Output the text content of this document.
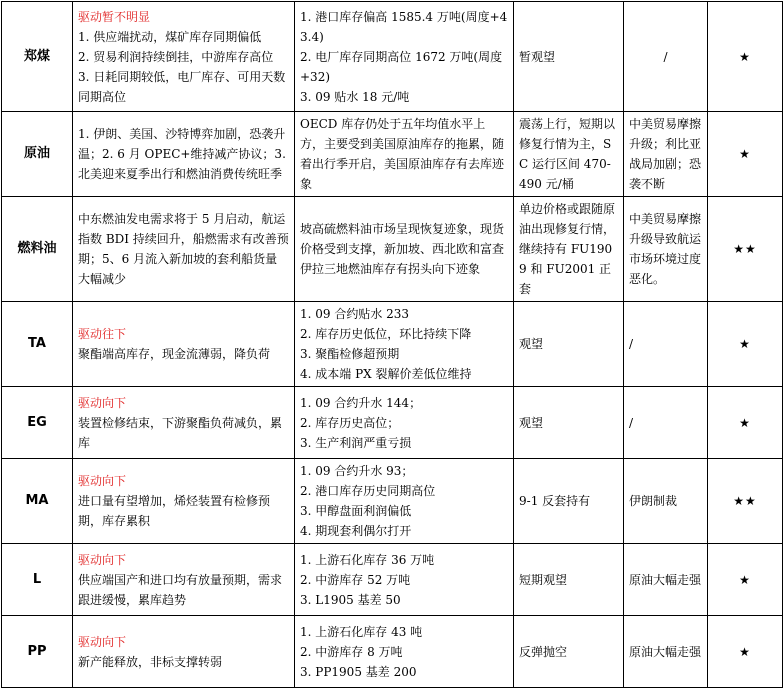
郑煤	驱动暂不明显
1. 供应端扰动，煤矿库存同期偏低
2. 贸易利润持续倒挂，中游库存高位
3. 日耗同期较低，电厂库存、可用天数同期高位	1. 港口库存偏高 1585.4 万吨(周度+43.4)
2. 电厂库存同期高位 1672 万吨(周度+32)
3. 09 贴水 18 元/吨	暂观望	/	★
原油	1. 伊朗、美国、沙特博弈加剧，恐袭升温；2. 6 月 OPEC+维持减产协议；3. 北美迎来夏季出行和燃油消费传统旺季	OECD 库存仍处于五年均值水平上方，主要受到美国原油库存的拖累，随着出行季开启，美国原油库存有去库迹象	震荡上行，短期以修复行情为主，SC 运行区间 470-490 元/桶	中美贸易摩擦升级；利比亚战局加剧；恐袭不断	★
燃料油	中东燃油发电需求将于 5 月启动，航运指数 BDI 持续回升，船燃需求有改善预期；5、6 月流入新加坡的套利船货量大幅减少	坡高硫燃料油市场呈现恢复迹象，现货价格受到支撑，新加坡、西北欧和富查伊拉三地燃油库存有拐头向下迹象	单边价格或跟随原油出现修复行情，继续持有 FU1909 和 FU2001 正套	中美贸易摩擦升级导致航运市场环境过度恶化。	★★
TA	驱动往下
聚酯端高库存，现金流薄弱，降负荷	1. 09 合约贴水 233
2. 库存历史低位，环比持续下降
3. 聚酯检修超预期
4. 成本端 PX 裂解价差低位维持	观望	/	★
EG	驱动向下
装置检修结束，下游聚酯负荷减负，累库	1. 09 合约升水 144；
2. 库存历史高位；
3. 生产利润严重亏损	观望	/	★
MA	驱动向下
进口量有望增加，烯烃装置有检修预期，库存累积	1. 09 合约升水 93；
2. 港口库存历史同期高位
3. 甲醇盘面利润偏低
4. 期现套利偶尔打开	9-1 反套持有	伊朗制裁	★★
L	驱动向下
供应端国产和进口均有放量预期，需求跟进缓慢，累库趋势	1. 上游石化库存 36 万吨
2. 中游库存 52 万吨
3. L1905 基差 50	短期观望	原油大幅走强	★
PP	驱动向下
新产能释放，非标支撑转弱	1. 上游石化库存 43 吨
2. 中游库存 8 万吨
3. PP1905 基差 200	反弹抛空	原油大幅走强	★
